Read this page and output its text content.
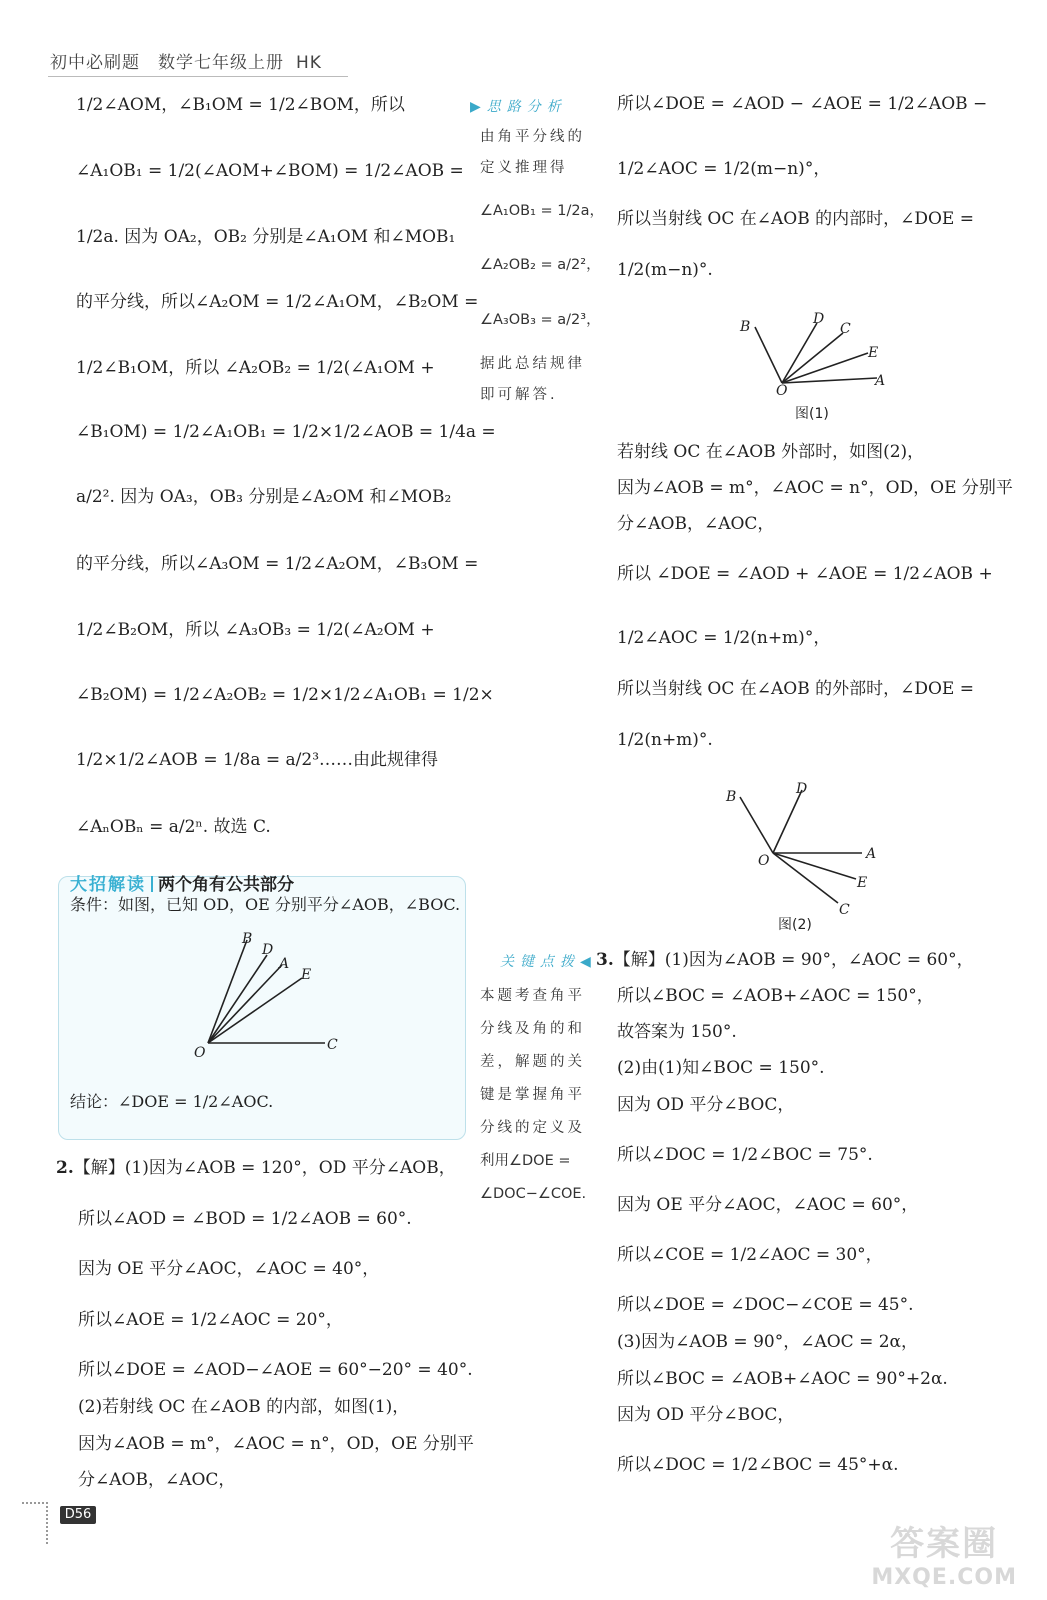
初中必刷题　数学七年级上册 HK
1/2∠AOM，∠B₁OM = 1/2∠BOM，所以
∠A₁OB₁ = 1/2(∠AOM+∠BOM) = 1/2∠AOB =
1/2a. 因为 OA₂，OB₂ 分别是∠A₁OM 和∠MOB₁
的平分线，所以∠A₂OM = 1/2∠A₁OM，∠B₂OM =
1/2∠B₁OM，所以 ∠A₂OB₂ = 1/2(∠A₁OM +
∠B₁OM) = 1/2∠A₁OB₁ = 1/2×1/2∠AOB = 1/4a =
a/2². 因为 OA₃，OB₃ 分别是∠A₂OM 和∠MOB₂
的平分线，所以∠A₃OM = 1/2∠A₂OM，∠B₃OM =
1/2∠B₂OM，所以 ∠A₃OB₃ = 1/2(∠A₂OM +
∠B₂OM) = 1/2∠A₂OB₂ = 1/2×1/2∠A₁OB₁ = 1/2×
1/2×1/2∠AOB = 1/8a = a/2³……由此规律得
∠AₙOBₙ = a/2ⁿ. 故选 C.
▶思路分析
由角平分线的
定义推理得
∠A₁OB₁ = 1/2a，
∠A₂OB₂ = a/2²，
∠A₃OB₃ = a/2³，
据此总结规律
即可解答.
大招解读 两个角有公共部分
条件：如图，已知 OD，OE 分别平分∠AOB，∠BOC.
B
D
A
E
O	C
结论：∠DOE = 1/2∠AOC.
2.【解】(1)因为∠AOB = 120°，OD 平分∠AOB，
所以∠AOD = ∠BOD = 1/2∠AOB = 60°.
因为 OE 平分∠AOC，∠AOC = 40°，
所以∠AOE = 1/2∠AOC = 20°，
所以∠DOE = ∠AOD−∠AOE = 60°−20° = 40°.
(2)若射线 OC 在∠AOB 的内部，如图(1)，
因为∠AOB = m°，∠AOC = n°，OD，OE 分别平
分∠AOB，∠AOC，
所以∠DOE = ∠AOD − ∠AOE = 1/2∠AOB −
1/2∠AOC = 1/2(m−n)°，
所以当射线 OC 在∠AOB 的内部时，∠DOE =
1/2(m−n)°.
B	D
C
E
O
A
图(1)
若射线 OC 在∠AOB 外部时，如图(2)，
因为∠AOB = m°，∠AOC = n°，OD，OE 分别平
分∠AOB，∠AOC，
所以 ∠DOE = ∠AOD + ∠AOE = 1/2∠AOB +
1/2∠AOC = 1/2(n+m)°，
所以当射线 OC 在∠AOB 的外部时，∠DOE =
1/2(n+m)°.
B	D
A
O
E
C
图(2)
关键点拨◀
本题考查角平
分线及角的和
差，解题的关
键是掌握角平
分线的定义及
利用∠DOE =
∠DOC−∠COE.
3.【解】(1)因为∠AOB = 90°，∠AOC = 60°，
所以∠BOC = ∠AOB+∠AOC = 150°，
故答案为 150°.
(2)由(1)知∠BOC = 150°.
因为 OD 平分∠BOC，
所以∠DOC = 1/2∠BOC = 75°.
因为 OE 平分∠AOC，∠AOC = 60°，
所以∠COE = 1/2∠AOC = 30°，
所以∠DOE = ∠DOC−∠COE = 45°.
(3)因为∠AOB = 90°，∠AOC = 2α，
所以∠BOC = ∠AOB+∠AOC = 90°+2α.
因为 OD 平分∠BOC，
所以∠DOC = 1/2∠BOC = 45°+α.
D56
答案圈
MXQE.COM
